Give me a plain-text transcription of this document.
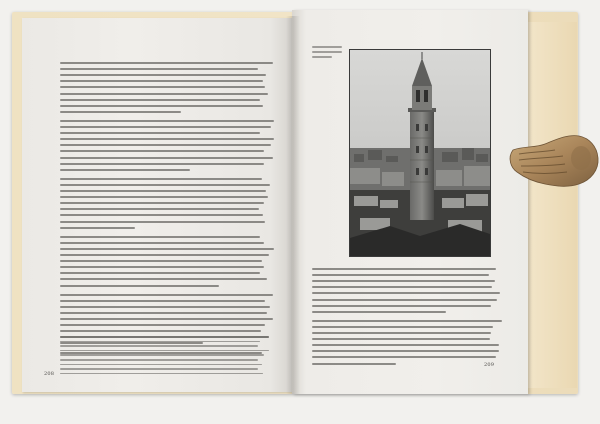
208
209
